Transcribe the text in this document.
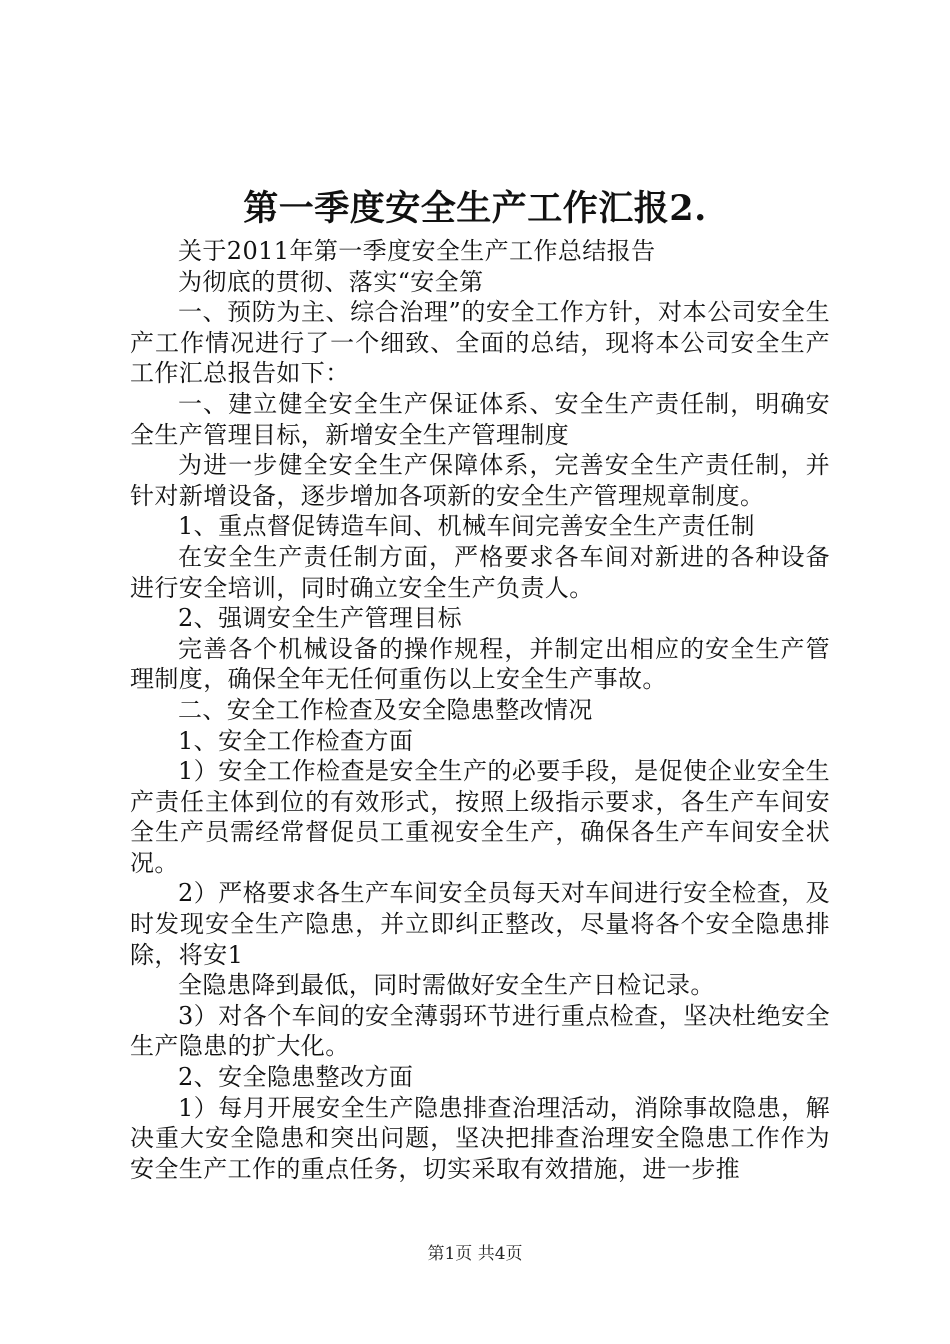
第一季度安全生产工作汇报2.

关于2011年第一季度安全生产工作总结报告

为彻底的贯彻、落实“安全第

一、预防为主、综合治理”的安全工作方针，对本公司安全生产工作情况进行了一个细致、全面的总结，现将本公司安全生产工作汇总报告如下：

一、建立健全安全生产保证体系、安全生产责任制，明确安全生产管理目标，新增安全生产管理制度

为进一步健全安全生产保障体系，完善安全生产责任制，并针对新增设备，逐步增加各项新的安全生产管理规章制度。

1、重点督促铸造车间、机械车间完善安全生产责任制

在安全生产责任制方面，严格要求各车间对新进的各种设备进行安全培训，同时确立安全生产负责人。

2、强调安全生产管理目标

完善各个机械设备的操作规程，并制定出相应的安全生产管理制度，确保全年无任何重伤以上安全生产事故。

二、安全工作检查及安全隐患整改情况

1、安全工作检查方面

1）安全工作检查是安全生产的必要手段，是促使企业安全生产责任主体到位的有效形式，按照上级指示要求，各生产车间安全生产员需经常督促员工重视安全生产，确保各生产车间安全状况。

2）严格要求各生产车间安全员每天对车间进行安全检查，及时发现安全生产隐患，并立即纠正整改，尽量将各个安全隐患排除，将安1

全隐患降到最低，同时需做好安全生产日检记录。

3）对各个车间的安全薄弱环节进行重点检查，坚决杜绝安全生产隐患的扩大化。

2、安全隐患整改方面

1）每月开展安全生产隐患排查治理活动，消除事故隐患，解决重大安全隐患和突出问题，坚决把排查治理安全隐患工作作为安全生产工作的重点任务，切实采取有效措施，进一步推

第1页 共4页
